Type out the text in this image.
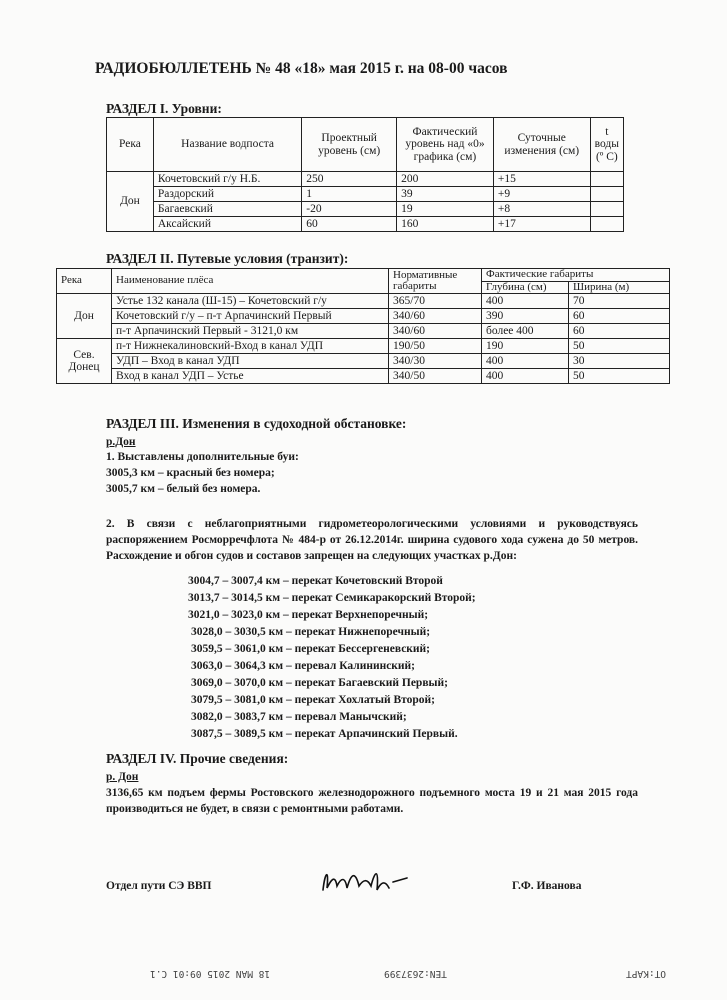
РАДИОБЮЛЛЕТЕНЬ № 48 «18» мая 2015 г. на 08-00 часов
РАЗДЕЛ I. Уровни:
Река	Название водпоста	Проектный уровень (см)	Фактический уровень над «0» графика (см)	Суточные изменения (см)	t воды (º С)
Дон	Кочетовский г/у Н.Б.	250	200	+15	
	Раздорский	1	39	+9	
	Багаевский	-20	19	+8	
	Аксайский	60	160	+17	
РАЗДЕЛ II. Путевые условия (транзит):
Река	Наименование плёса	Нормативные габариты	Фактические габариты	
			Глубина (см)	Ширина (м)
Дон	Устье 132 канала (Ш-15) – Кочетовский г/у	365/70	400	70
	Кочетовский г/у – п-т Арпачинский Первый	340/60	390	60
	п-т Арпачинский Первый - 3121,0 км	340/60	более 400	60
Сев. Донец	п-т Нижнекалиновский-Вход в канал УДП	190/50	190	50
	УДП – Вход в канал УДП	340/30	400	30
	Вход в канал УДП – Устье	340/50	400	50
РАЗДЕЛ III. Изменения в судоходной обстановке:
р.Дон
1. Выставлены дополнительные буи:
3005,3 км – красный без номера;
3005,7 км – белый без номера.
2. В связи с неблагоприятными гидрометеорологическими условиями и руководствуясь распоряжением Росморречфлота № 484-р от 26.12.2014г. ширина судового хода сужена до 50 метров. Расхождение и обгон судов и составов запрещен на следующих участках р.Дон:
3004,7 – 3007,4 км – перекат Кочетовский Второй
3013,7 – 3014,5 км – перекат Семикаракорский Второй;
3021,0 – 3023,0 км – перекат Верхнепоречный;
3028,0 – 3030,5 км – перекат Нижнепоречный;
3059,5 – 3061,0 км – перекат Бессергеневский;
3063,0 – 3064,3 км – перевал Калининский;
3069,0 – 3070,0 км – перекат Багаевский Первый;
3079,5 – 3081,0 км – перекат Хохлатый Второй;
3082,0 – 3083,7 км – перевал Манычский;
3087,5 – 3089,5 км – перекат Арпачинский Первый.
РАЗДЕЛ IV. Прочие сведения:
р. Дон
3136,65 км подъем фермы Ростовского железнодорожного подъемного моста 19 и 21 мая 2015 года производиться не будет, в связи с ремонтными работами.
Отдел пути СЭ ВВП	Г.Ф. Иванова
18 MAN 2015 09:01 C.1	TEN:2637399	OT:KAPT
